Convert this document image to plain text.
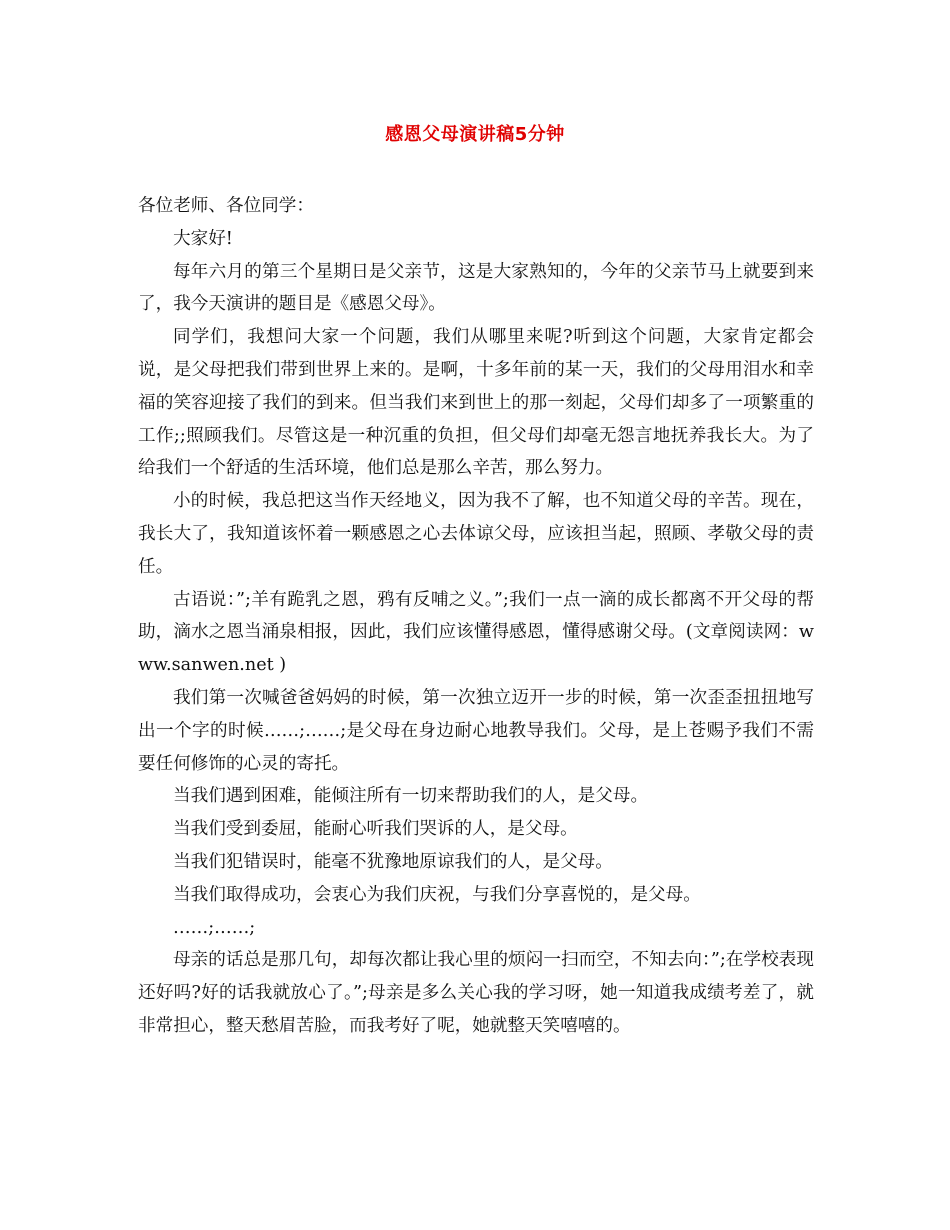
感恩父母演讲稿5分钟

各位老师、各位同学：

大家好!

每年六月的第三个星期日是父亲节，这是大家熟知的，今年的父亲节马上就要到来了，我今天演讲的题目是《感恩父母》。

同学们，我想问大家一个问题，我们从哪里来呢?听到这个问题，大家肯定都会说，是父母把我们带到世界上来的。是啊，十多年前的某一天，我们的父母用泪水和幸福的笑容迎接了我们的到来。但当我们来到世上的那一刻起，父母们却多了一项繁重的工作;;照顾我们。尽管这是一种沉重的负担，但父母们却毫无怨言地抚养我长大。为了给我们一个舒适的生活环境，他们总是那么辛苦，那么努力。

小的时候，我总把这当作天经地义，因为我不了解，也不知道父母的辛苦。现在，我长大了，我知道该怀着一颗感恩之心去体谅父母，应该担当起，照顾、孝敬父母的责任。

古语说：”;羊有跪乳之恩，鸦有反哺之义。”;我们一点一滴的成长都离不开父母的帮助，滴水之恩当涌泉相报，因此，我们应该懂得感恩，懂得感谢父母。(文章阅读网：www.sanwen.net )

我们第一次喊爸爸妈妈的时候，第一次独立迈开一步的时候，第一次歪歪扭扭地写出一个字的时候……;……;是父母在身边耐心地教导我们。父母，是上苍赐予我们不需要任何修饰的心灵的寄托。

当我们遇到困难，能倾注所有一切来帮助我们的人，是父母。

当我们受到委屈，能耐心听我们哭诉的人，是父母。

当我们犯错误时，能毫不犹豫地原谅我们的人，是父母。

当我们取得成功，会衷心为我们庆祝，与我们分享喜悦的，是父母。

……;……;

母亲的话总是那几句，却每次都让我心里的烦闷一扫而空，不知去向：”;在学校表现还好吗?好的话我就放心了。”;母亲是多么关心我的学习呀，她一知道我成绩考差了，就非常担心，整天愁眉苦脸，而我考好了呢，她就整天笑嘻嘻的。
